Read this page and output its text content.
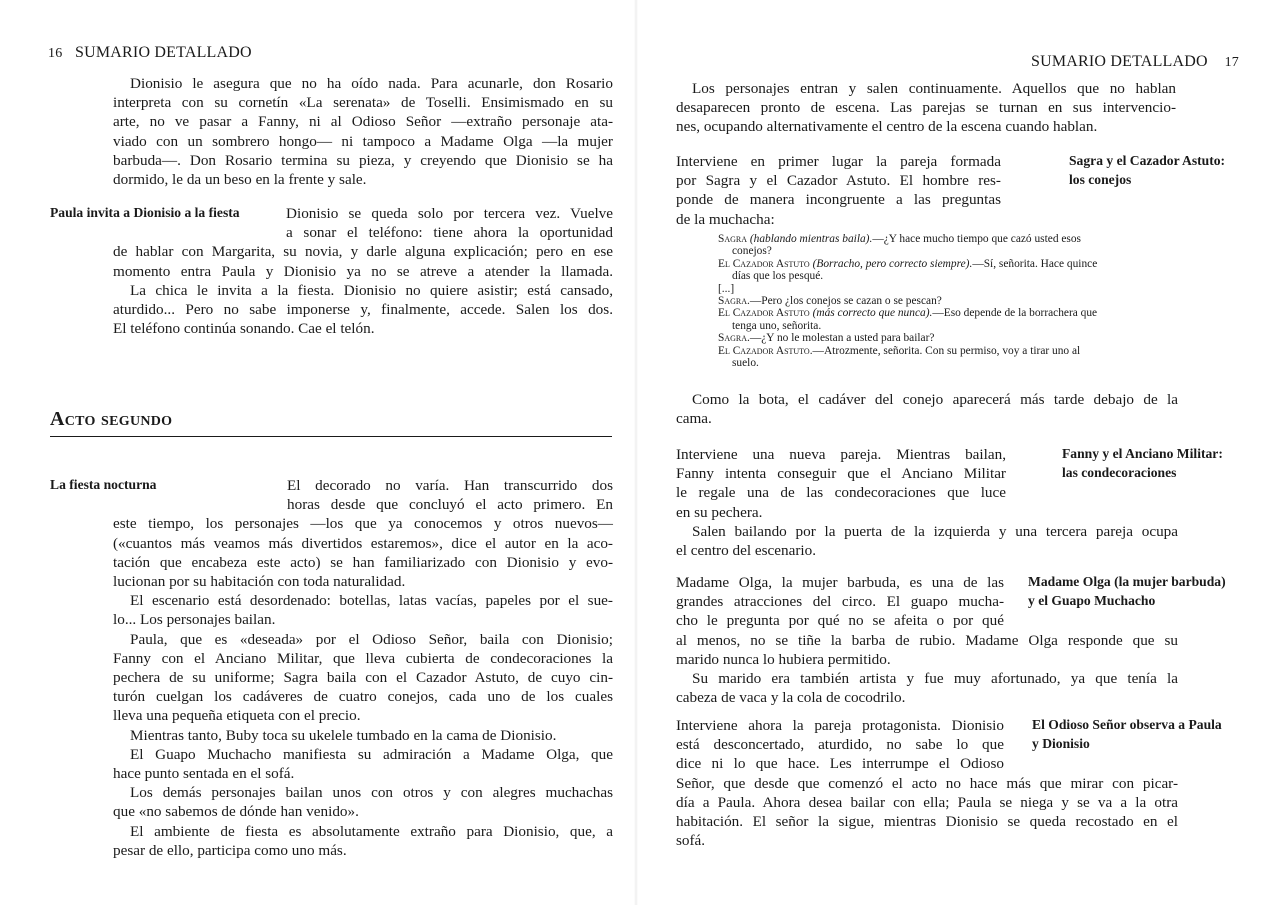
16 SUMARIO DETALLADO
Dionisio le asegura que no ha oído nada. Para acunarle, don Rosario
interpreta con su cornetín «La serenata» de Toselli. Ensimismado en su
arte, no ve pasar a Fanny, ni al Odioso Señor —extraño personaje ata-
viado con un sombrero hongo— ni tampoco a Madame Olga —la mujer
barbuda—. Don Rosario termina su pieza, y creyendo que Dionisio se ha
dormido, le da un beso en la frente y sale.
Paula invita a Dionisio a la fiesta	Dionisio se queda solo por tercera vez. Vuelve
a sonar el teléfono: tiene ahora la oportunidad
de hablar con Margarita, su novia, y darle alguna explicación; pero en ese
momento entra Paula y Dionisio ya no se atreve a atender la llamada.
La chica le invita a la fiesta. Dionisio no quiere asistir; está cansado,
aturdido... Pero no sabe imponerse y, finalmente, accede. Salen los dos.
El teléfono continúa sonando. Cae el telón.
Acto segundo
La fiesta nocturna	El decorado no varía. Han transcurrido dos
horas desde que concluyó el acto primero. En
este tiempo, los personajes —los que ya conocemos y otros nuevos—
(«cuantos más veamos más divertidos estaremos», dice el autor en la aco-
tación que encabeza este acto) se han familiarizado con Dionisio y evo-
lucionan por su habitación con toda naturalidad.
El escenario está desordenado: botellas, latas vacías, papeles por el sue-
lo... Los personajes bailan.
Paula, que es «deseada» por el Odioso Señor, baila con Dionisio;
Fanny con el Anciano Militar, que lleva cubierta de condecoraciones la
pechera de su uniforme; Sagra baila con el Cazador Astuto, de cuyo cin-
turón cuelgan los cadáveres de cuatro conejos, cada uno de los cuales
lleva una pequeña etiqueta con el precio.
Mientras tanto, Buby toca su ukelele tumbado en la cama de Dionisio.
El Guapo Muchacho manifiesta su admiración a Madame Olga, que
hace punto sentada en el sofá.
Los demás personajes bailan unos con otros y con alegres muchachas
que «no sabemos de dónde han venido».
El ambiente de fiesta es absolutamente extraño para Dionisio, que, a
pesar de ello, participa como uno más.
SUMARIO DETALLADO 17
Los personajes entran y salen continuamente. Aquellos que no hablan
desaparecen pronto de escena. Las parejas se turnan en sus intervencio-
nes, ocupando alternativamente el centro de la escena cuando hablan.
Interviene en primer lugar la pareja formada
por Sagra y el Cazador Astuto. El hombre res-
ponde de manera incongruente a las preguntas
de la muchacha:
Sagra y el Cazador Astuto:
los conejos
Sagra (hablando mientras baila).—¿Y hace mucho tiempo que cazó usted esos
conejos?
El Cazador Astuto (Borracho, pero correcto siempre).—Sí, señorita. Hace quince
días que los pesqué.
[...]
Sagra.—Pero ¿los conejos se cazan o se pescan?
El Cazador Astuto (más correcto que nunca).—Eso depende de la borrachera que
tenga uno, señorita.
Sagra.—¿Y no le molestan a usted para bailar?
El Cazador Astuto.—Atrozmente, señorita. Con su permiso, voy a tirar uno al
suelo.
Como la bota, el cadáver del conejo aparecerá más tarde debajo de la
cama.
Interviene una nueva pareja. Mientras bailan,
Fanny intenta conseguir que el Anciano Militar
le regale una de las condecoraciones que luce
en su pechera.
Salen bailando por la puerta de la izquierda y una tercera pareja ocupa
el centro del escenario.
Fanny y el Anciano Militar:
las condecoraciones
Madame Olga, la mujer barbuda, es una de las
grandes atracciones del circo. El guapo mucha-
cho le pregunta por qué no se afeita o por qué
al menos, no se tiñe la barba de rubio. Madame Olga responde que su
marido nunca lo hubiera permitido.
Su marido era también artista y fue muy afortunado, ya que tenía la
cabeza de vaca y la cola de cocodrilo.
Madame Olga (la mujer barbuda)
y el Guapo Muchacho
Interviene ahora la pareja protagonista. Dionisio
está desconcertado, aturdido, no sabe lo que
dice ni lo que hace. Les interrumpe el Odioso
Señor, que desde que comenzó el acto no hace más que mirar con picar-
día a Paula. Ahora desea bailar con ella; Paula se niega y se va a la otra
habitación. El señor la sigue, mientras Dionisio se queda recostado en el
sofá.
El Odioso Señor observa a Paula
y Dionisio
